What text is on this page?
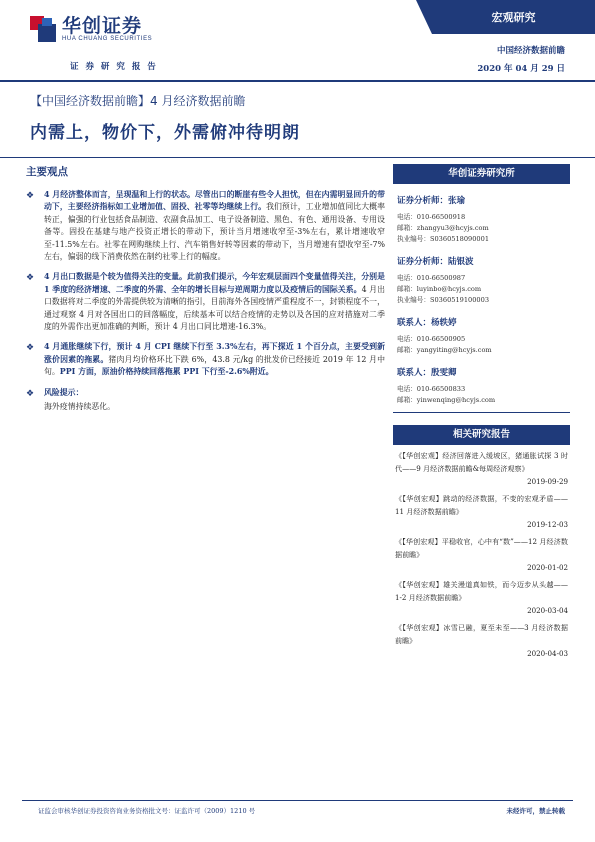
华创证券
HUA CHUANG SECURITIES
证 券 研 究 报 告
宏观研究
中国经济数据前瞻
2020 年 04 月 29 日
【中国经济数据前瞻】4 月经济数据前瞻
内需上，物价下，外需俯冲待明朗
主要观点
❖ 4 月经济整体而言，呈现温和上行的状态。尽管出口的断崖有些令人担忧，但在内需明显回升的带动下，主要经济指标如工业增加值、固投、社零等均继续上行。我们预计，工业增加值同比大概率转正，偏强的行业包括食品制造、农副食品加工、电子设备制造、黑色、有色、通用设备、专用设备等。固投在基建与地产投资正增长的带动下，预计当月增速收窄至-3%左右，累计增速收窄至-11.5%左右。社零在网购继续上行、汽车销售好转等因素的带动下，当月增速有望收窄至-7%左右，偏弱的线下消费依然在制约社零上行的幅度。
❖ 4 月出口数据是个较为值得关注的变量。此前我们提示，今年宏观层面四个变量值得关注，分别是 1 季度的经济增速、二季度的外需、全年的增长目标与逆周期力度以及疫情后的国际关系。4 月出口数据将对二季度的外需提供较为清晰的指引，目前海外各国疫情严重程度不一，封锁程度不一，通过观察 4 月对各国出口的回落幅度，后续基本可以结合疫情的走势以及各国的应对措施对二季度的外需作出更加准确的判断，预计 4 月出口同比增速-16.3%。
❖ 4 月通胀继续下行，预计 4 月 CPI 继续下行至 3.3%左右，再下探近 1 个百分点，主要受到新涨价因素的拖累。猪肉月均价格环比下跌 6%，43.8 元/kg 的批发价已经接近 2019 年 12 月中旬。PPI 方面，原油价格持续回落拖累 PPI 下行至-2.6%附近。
❖ 风险提示：
海外疫情持续恶化。
华创证券研究所
证券分析师：张瑜
电话：010-66500918
邮箱：zhangyu3@hcyjs.com
执业编号：S0360518090001
证券分析师：陆银波
电话：010-66500987
邮箱：luyinbo@hcyjs.com
执业编号：S0360519100003
联系人：杨轶婷
电话：010-66500905
邮箱：yangyiting@hcyjs.com
联系人：殷雯卿
电话：010-66500833
邮箱：yinwenqing@hcyjs.com
相关研究报告
《【华创宏观】经济回落进入缓坡区，猪通胀试探 3 时代——9 月经济数据前瞻&每周经济观察》
2019-09-29
《【华创宏观】跳动的经济数据，不变的宏观矛盾——11 月经济数据前瞻》
2019-12-03
《【华创宏观】平稳收官，心中有“数”——12 月经济数据前瞻》
2020-01-02
《【华创宏观】雄关漫道真如铁，而今迈步从头越——1-2 月经济数据前瞻》
2020-03-04
《【华创宏观】冰雪已融，夏至未至——3 月经济数据前瞻》
2020-04-03
证监会审核华创证券投资咨询业务资格批文号：证监许可（2009）1210 号	未经许可，禁止转载
